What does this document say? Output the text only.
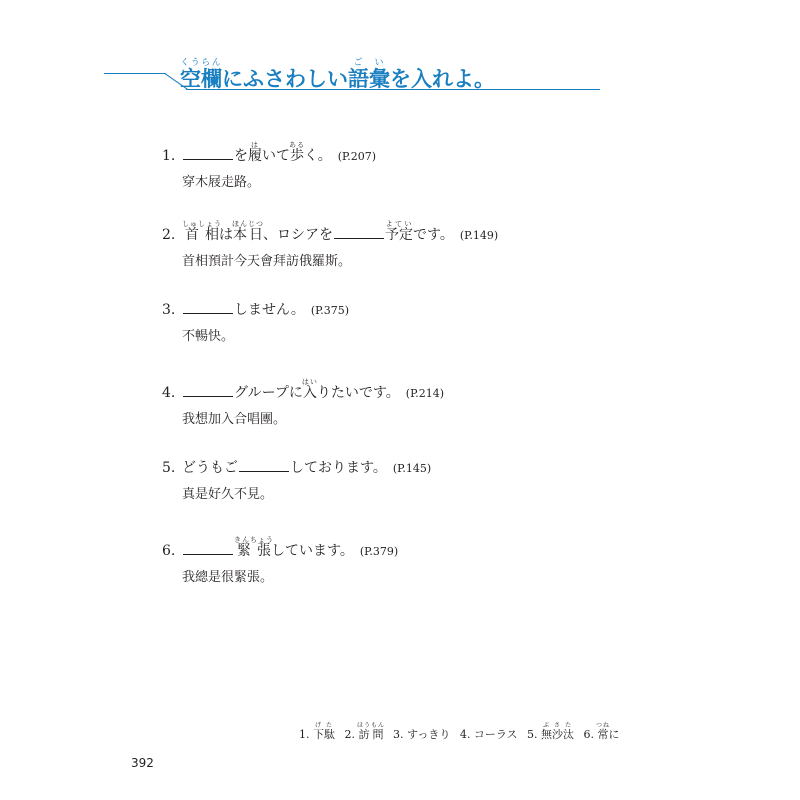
空欄くうらんにふさわしい語彙ごいを入れよ。
1.	を履はいて歩あるく。 (P.207)
穿木屐走路。
2. 首相しゅしょうは本日ほんじつ、ロシアを	予定よていです。 (P.149)
首相預計今天會拜訪俄羅斯。
3.	しません。 (P.375)
不暢快。
4.	グループに入はいりたいです。 (P.214)
我想加入合唱團。
5. どうもご	しております。 (P.145)
真是好久不見。
6.	緊張きんちょうしています。 (P.379)
我總是很緊張。
1. 下駄げた 2. 訪問ほうもん 3. すっきり 4. コーラス 5. 無沙汰ぶさた 6. 常つねに
392
